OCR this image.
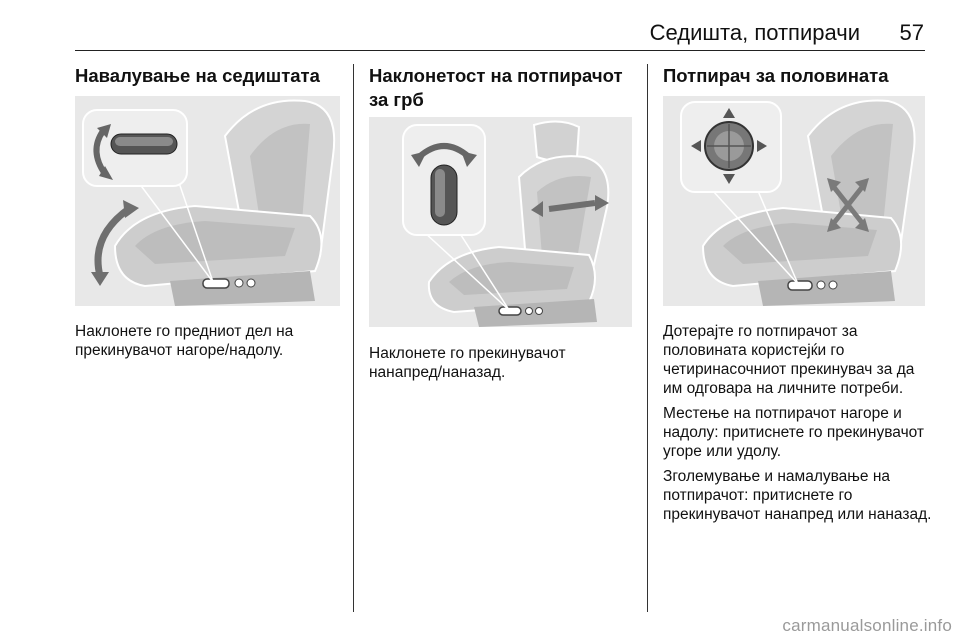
Седишта, потпирачи	57
Навалување на седиштата

Наклонете го предниот дел на прекинувачот нагоре/надолу.

Наклонетост на потпирачот за грб

Наклонете го прекинувачот нанапред/наназад.

Потпирач за половината

Дотерајте го потпирачот за половината користејќи го четиринасочниот прекинувач за да им одговара на личните потреби.

Местење на потпирачот нагоре и надолу: притиснете го прекинувачот угоре или удолу.

Зголемување и намалување на потпирачот: притиснете го прекинувачот нанапред или наназад.

carmanualsonline.info
